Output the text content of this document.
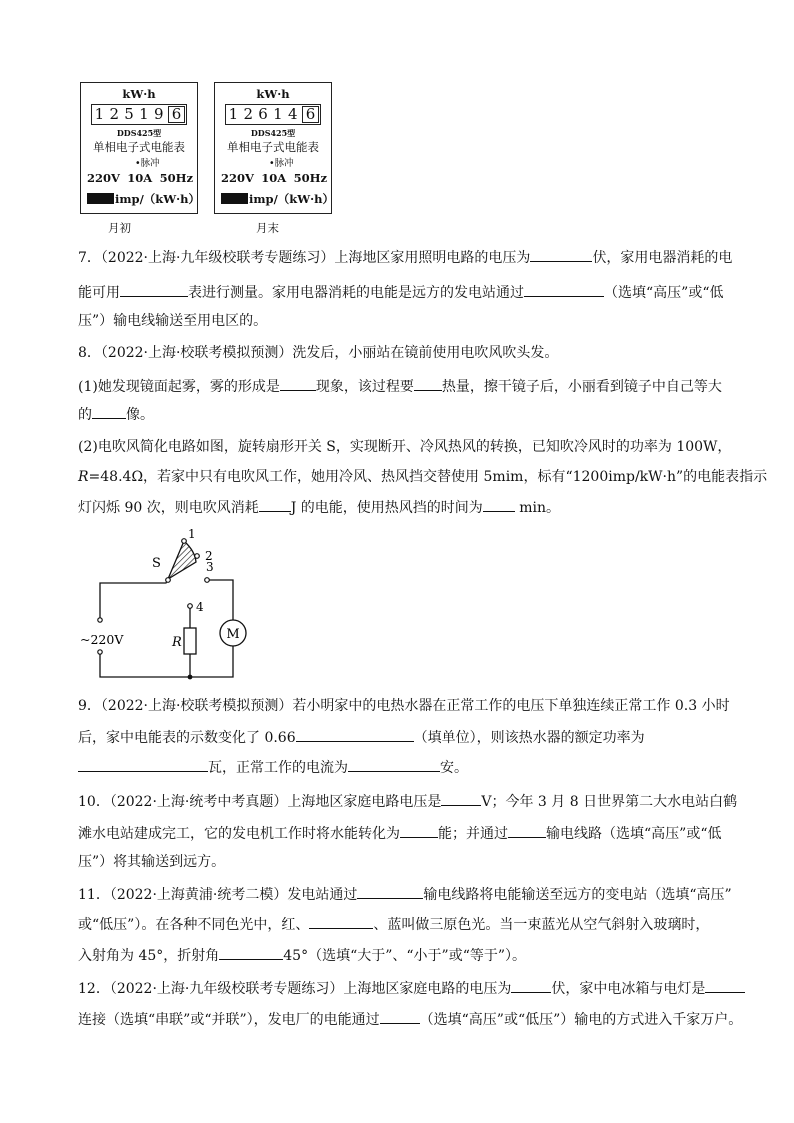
kW·h
1 2 5 1 9 6
DDS425型
单相电子式电能表
•脉冲
220V 10A 50Hz
imp/（kW·h）
月初
kW·h
1 2 6 1 4 6
DDS425型
单相电子式电能表
•脉冲
220V 10A 50Hz
imp/（kW·h）
月末
7．（2022·上海·九年级校联考专题练习）上海地区家用照明电路的电压为	伏，家用电器消耗的电
能可用	表进行测量。家用电器消耗的电能是远方的发电站通过	（选填“高压”或“低
压”）输电线输送至用电区的。
8．（2022·上海·校联考模拟预测）洗发后，小丽站在镜前使用电吹风吹头发。
(1)她发现镜面起雾，雾的形成是	现象，该过程要 热量，擦干镜子后，小丽看到镜子中自己等大
的 像。
(2)电吹风简化电路如图，旋转扇形开关 S，实现断开、冷风热风的转换，已知吹冷风时的功率为 100W，
R=48.4Ω，若家中只有电吹风工作，她用冷风、热风挡交替使用 5mim，标有“1200imp/kW·h”的电能表指示
灯闪烁 90 次，则电吹风消耗 J 的电能，使用热风挡的时间为 min。
M
S
1
2
3
4
R
~220V
9．（2022·上海·校联考模拟预测）若小明家中的电热水器在正常工作的电压下单独连续正常工作 0.3 小时
后，家中电能表的示数变化了 0.66	（填单位），则该热水器的额定功率为
瓦，正常工作的电流为	安。
10．（2022·上海·统考中考真题）上海地区家庭电路电压是	V；今年 3 月 8 日世界第二大水电站白鹤
滩水电站建成完工，它的发电机工作时将水能转化为	能；并通过	输电线路（选填“高压”或“低
压”）将其输送到远方。
11．（2022·上海黄浦·统考二模）发电站通过	输电线路将电能输送至远方的变电站（选填“高压”
或“低压”）。在各种不同色光中，红、	、蓝叫做三原色光。当一束蓝光从空气斜射入玻璃时，
入射角为 45°，折射角	45°（选填“大于”、“小于”或“等于”）。
12．（2022·上海·九年级校联考专题练习）上海地区家庭电路的电压为	伏，家中电冰箱与电灯是
连接（选填“串联”或“并联”），发电厂的电能通过	（选填“高压”或“低压”）输电的方式进入千家万户。
